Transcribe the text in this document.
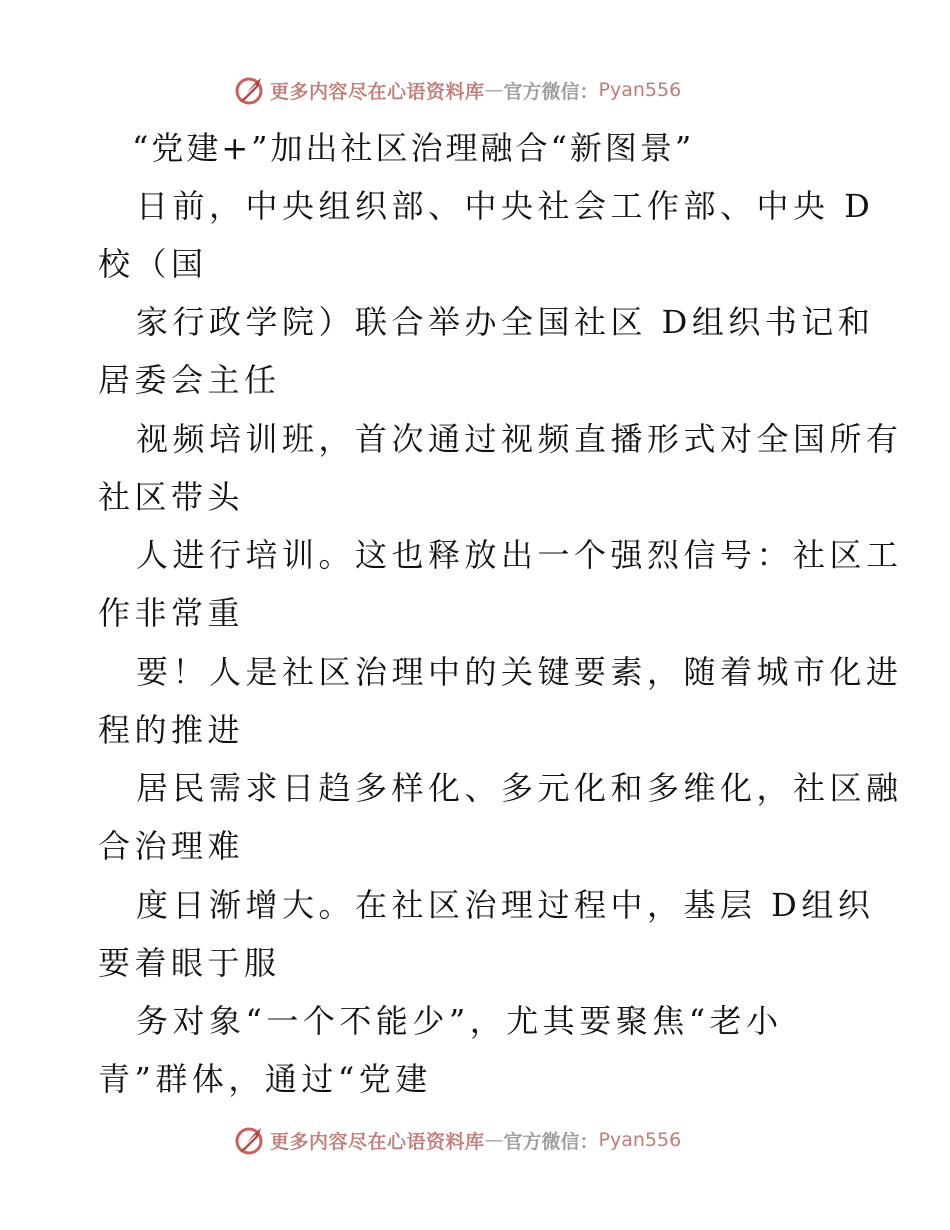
更多内容尽在心语资料库 — 官方微信： Pyan556
“党建+”加出社区治理融合“新图景”
日前，中央组织部、中央社会工作部、中央 D
校（国
家行政学院）联合举办全国社区 D组织书记和
居委会主任
视频培训班，首次通过视频直播形式对全国所有
社区带头
人进行培训。这也释放出一个强烈信号：社区工
作非常重
要！人是社区治理中的关键要素，随着城市化进
程的推进
居民需求日趋多样化、多元化和多维化，社区融
合治理难
度日渐增大。在社区治理过程中，基层 D组织
要着眼于服
务对象“一个不能少”，尤其要聚焦“老小
青”群体，通过“党建
更多内容尽在心语资料库 — 官方微信： Pyan556
